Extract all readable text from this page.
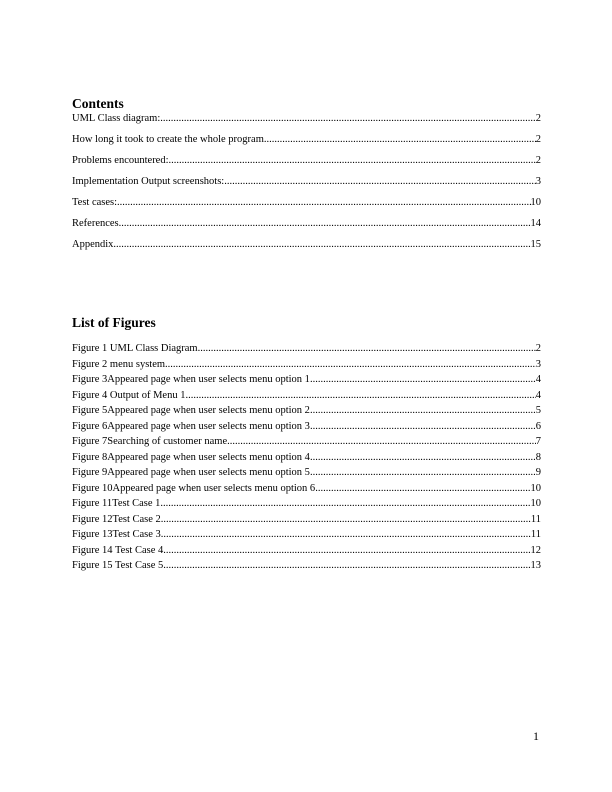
Contents
UML Class diagram: .....	2
How long it took to create the whole program .....	2
Problems encountered: .....	2
Implementation Output screenshots: .....	3
Test cases: .....	10
References .....	14
Appendix .....	15
List of Figures
Figure 1 UML Class Diagram .....	2
Figure 2 menu system .....	3
Figure 3Appeared page when user selects menu option 1 .....	4
Figure 4 Output of Menu 1 .....	4
Figure 5Appeared page when user selects menu option 2 .....	5
Figure 6Appeared page when user selects menu option 3 .....	6
Figure 7Searching of customer name .....	7
Figure 8Appeared page when user selects menu option 4 .....	8
Figure 9Appeared page when user selects menu option 5 .....	9
Figure 10Appeared page when user selects menu option 6 .....	10
Figure 11Test Case 1 .....	10
Figure 12Test Case 2 .....	11
Figure 13Test Case 3 .....	11
Figure 14 Test Case 4 .....	12
Figure 15 Test Case 5 .....	13
1
